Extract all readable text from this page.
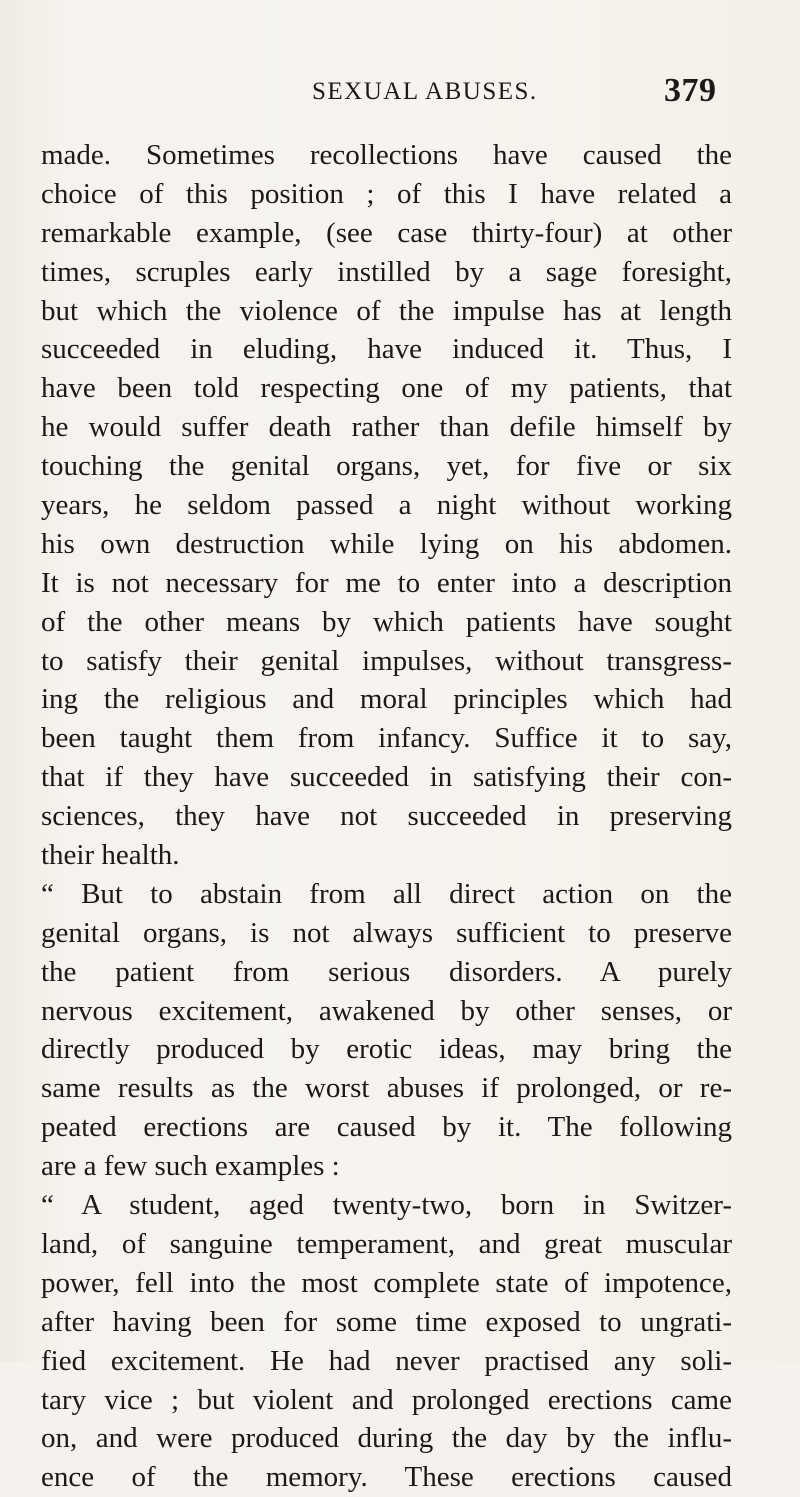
SEXUAL ABUSES.	379
made. Sometimes recollections have caused the
choice of this position ; of this I have related a
remarkable example, (see case thirty-four) at other
times, scruples early instilled by a sage foresight,
but which the violence of the impulse has at length
succeeded in eluding, have induced it. Thus, I
have been told respecting one of my patients, that
he would suffer death rather than defile himself by
touching the genital organs, yet, for five or six
years, he seldom passed a night without working
his own destruction while lying on his abdomen.
It is not necessary for me to enter into a description
of the other means by which patients have sought
to satisfy their genital impulses, without transgress-
ing the religious and moral principles which had
been taught them from infancy. Suffice it to say,
that if they have succeeded in satisfying their con-
sciences, they have not succeeded in preserving
their health.
“ But to abstain from all direct action on the
genital organs, is not always sufficient to preserve
the patient from serious disorders. A purely
nervous excitement, awakened by other senses, or
directly produced by erotic ideas, may bring the
same results as the worst abuses if prolonged, or re-
peated erections are caused by it. The following
are a few such examples :
“ A student, aged twenty-two, born in Switzer-
land, of sanguine temperament, and great muscular
power, fell into the most complete state of impotence,
after having been for some time exposed to ungrati-
fied excitement. He had never practised any soli-
tary vice ; but violent and prolonged erections came
on, and were produced during the day by the influ-
ence of the memory. These erections caused
